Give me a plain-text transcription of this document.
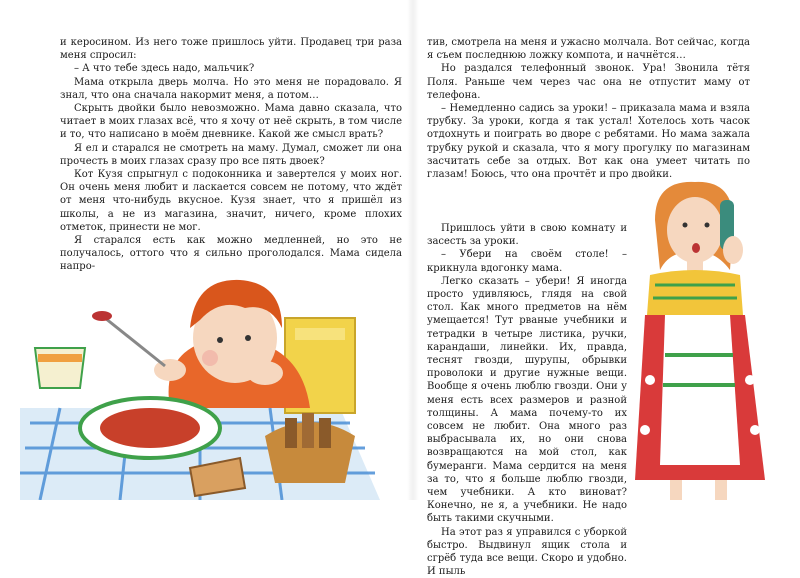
и керосином. Из него тоже пришлось уйти. Продавец три раза меня спросил:

– А что тебе здесь надо, мальчик?

Мама открыла дверь молча. Но это меня не порадовало. Я знал, что она сначала накормит меня, а потом…

Скрыть двойки было невозможно. Мама давно сказала, что читает в моих глазах всё, что я хочу от неё скрыть, в том числе и то, что написано в моём дневнике. Какой же смысл врать?

Я ел и старался не смотреть на маму. Думал, сможет ли она прочесть в моих глазах сразу про все пять двоек?

Кот Кузя спрыгнул с подоконника и завертелся у моих ног. Он очень меня любит и ласкается совсем не потому, что ждёт от меня что-нибудь вкусное. Кузя знает, что я пришёл из школы, а не из магазина, значит, ничего, кроме плохих отметок, принести не мог.

Я старался есть как можно медленней, но это не получалось, оттого что я сильно проголодался. Мама сидела напро-

тив, смотрела на меня и ужасно молчала. Вот сейчас, когда я съем последнюю ложку компота, и начнётся…

Но раздался телефонный звонок. Ура! Звонила тётя Поля. Раньше чем через час она не отпустит маму от телефона.

– Немедленно садись за уроки! – приказала мама и взяла трубку. За уроки, когда я так устал! Хотелось хоть часок отдохнуть и поиграть во дворе с ребятами. Но мама зажала трубку рукой и сказала, что я могу прогулку по магазинам засчитать себе за отдых. Вот как она умеет читать по глазам! Боюсь, что она прочтёт и про двойки.

Пришлось уйти в свою комнату и засесть за уроки.

– Убери на своём столе! – крикнула вдогонку мама.

Легко сказать – убери! Я иногда просто удивляюсь, глядя на свой стол. Как много предметов на нём умещается! Тут рваные учебники и тетрадки в четыре листика, ручки, карандаши, линейки. Их, правда, теснят гвозди, шурупы, обрывки проволоки и другие нужные вещи. Вообще я очень люблю гвозди. Они у меня есть всех размеров и разной толщины. А мама почему-то их совсем не любит. Она много раз выбрасывала их, но они снова возвращаются на мой стол, как бумеранги. Мама сердится на меня за то, что я больше люблю гвозди, чем учебники. А кто виноват? Конечно, не я, а учебники. Не надо быть такими скучными.

На этот раз я управился с уборкой быстро. Выдвинул ящик стола и сгрёб туда все вещи. Скоро и удобно. И пыль
